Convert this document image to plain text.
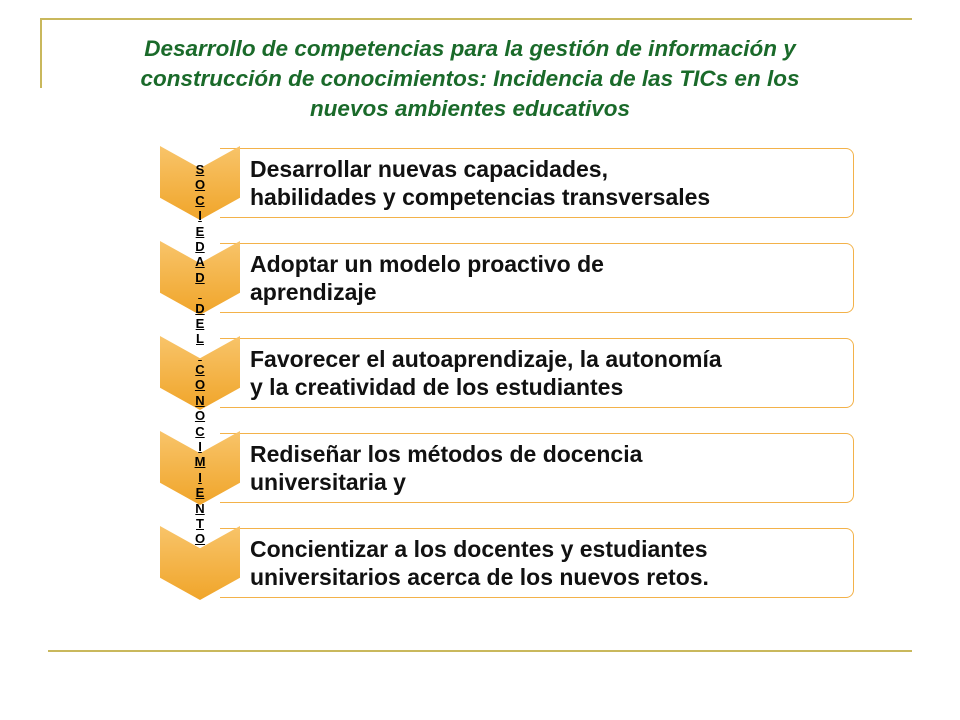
Desarrollo de competencias para la gestión de información y
construcción de conocimientos: Incidencia de las TICs en los
nuevos ambientes educativos
Desarrollar nuevas capacidades,
habilidades y competencias transversales
Adoptar un modelo proactivo de
aprendizaje
Favorecer el autoaprendizaje, la autonomía
y la creatividad de los estudiantes
Rediseñar los métodos de docencia
universitaria y
Concientizar a los docentes y estudiantes
universitarios acerca de los nuevos retos.
S
O
C
I
E
D
A
D

D
E
L

C
O
N
O
C
I
M
I
E
N
T
O
